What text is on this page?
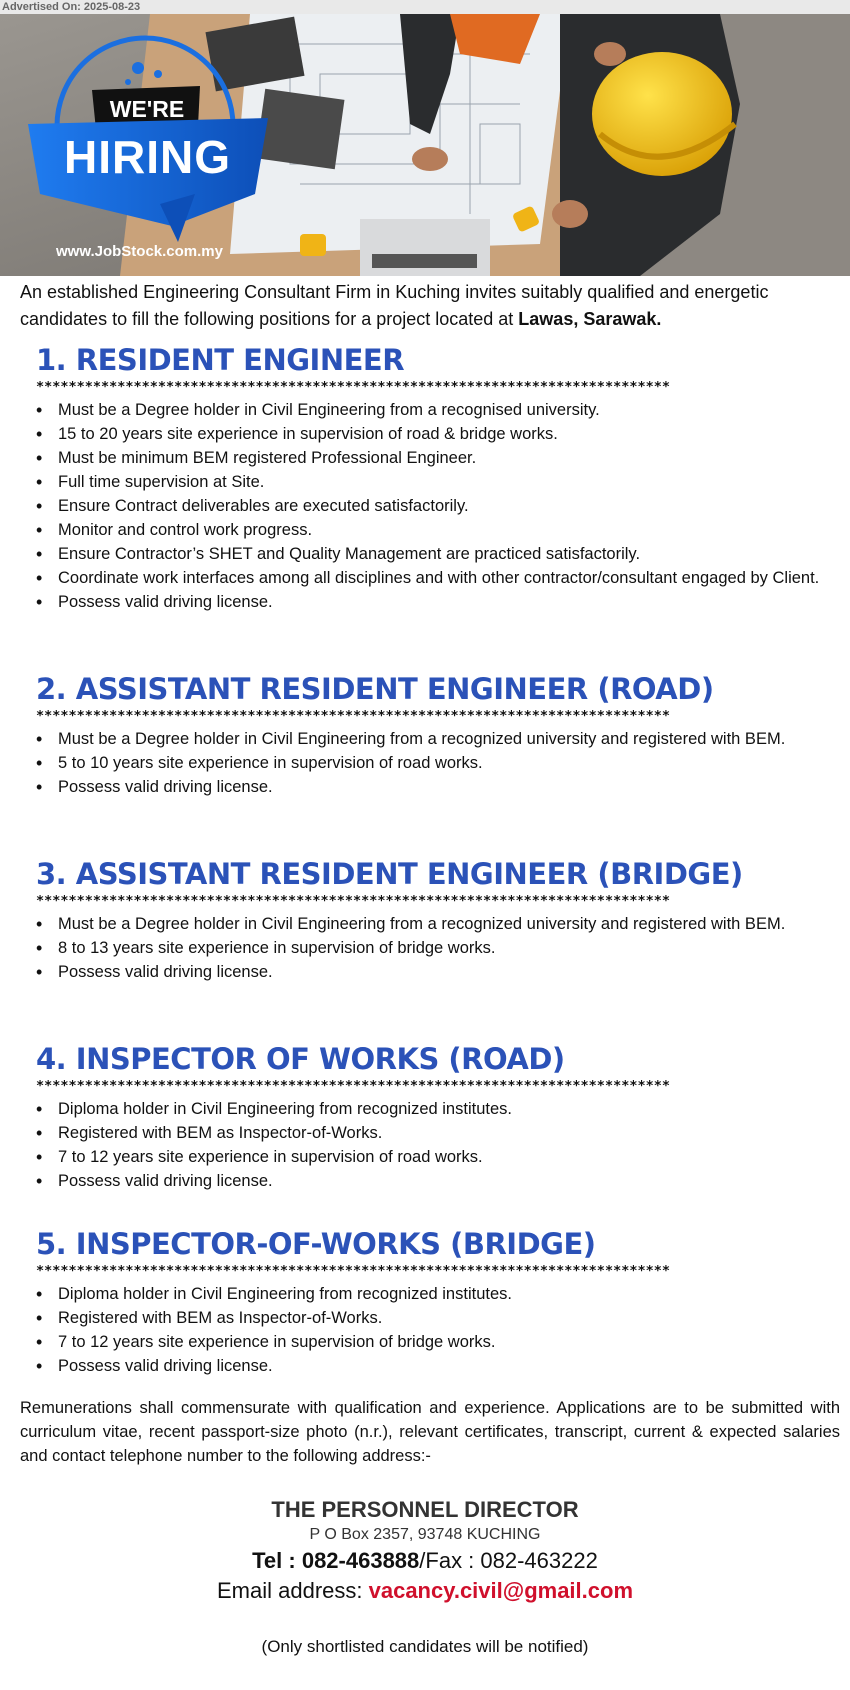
Advertised On: 2025-08-23
WE'RE
HIRING
www.JobStock.com.my
An established Engineering Consultant Firm in Kuching invites suitably qualified and energetic candidates to fill the following positions for a project located at Lawas, Sarawak.
1. RESIDENT ENGINEER
******************************************************************************
• Must be a Degree holder in Civil Engineering from a recognised university.
• 15 to 20 years site experience in supervision of road & bridge works.
• Must be minimum BEM registered Professional Engineer.
• Full time supervision at Site.
• Ensure Contract deliverables are executed satisfactorily.
• Monitor and control work progress.
• Ensure Contractor’s SHET and Quality Management are practiced satisfactorily.
• Coordinate work interfaces among all disciplines and with other contractor/consultant engaged by Client.
• Possess valid driving license.
2. ASSISTANT RESIDENT ENGINEER (ROAD)
******************************************************************************
• Must be a Degree holder in Civil Engineering from a recognized university and registered with BEM.
• 5 to 10 years site experience in supervision of road works.
• Possess valid driving license.
3. ASSISTANT RESIDENT ENGINEER (BRIDGE)
******************************************************************************
• Must be a Degree holder in Civil Engineering from a recognized university and registered with BEM.
• 8 to 13 years site experience in supervision of bridge works.
• Possess valid driving license.
4. INSPECTOR OF WORKS (ROAD)
******************************************************************************
• Diploma holder in Civil Engineering from recognized institutes.
• Registered with BEM as Inspector-of-Works.
• 7 to 12 years site experience in supervision of road works.
• Possess valid driving license.
5. INSPECTOR-OF-WORKS (BRIDGE)
******************************************************************************
• Diploma holder in Civil Engineering from recognized institutes.
• Registered with BEM as Inspector-of-Works.
• 7 to 12 years site experience in supervision of bridge works.
• Possess valid driving license.
Remunerations shall commensurate with qualification and experience. Applications are to be submitted with curriculum vitae, recent passport-size photo (n.r.), relevant certificates, transcript, current & expected salaries and contact telephone number to the following address:-
THE PERSONNEL DIRECTOR
P O Box 2357, 93748 KUCHING
Tel : 082-463888/Fax : 082-463222
Email address: vacancy.civil@gmail.com
(Only shortlisted candidates will be notified)
